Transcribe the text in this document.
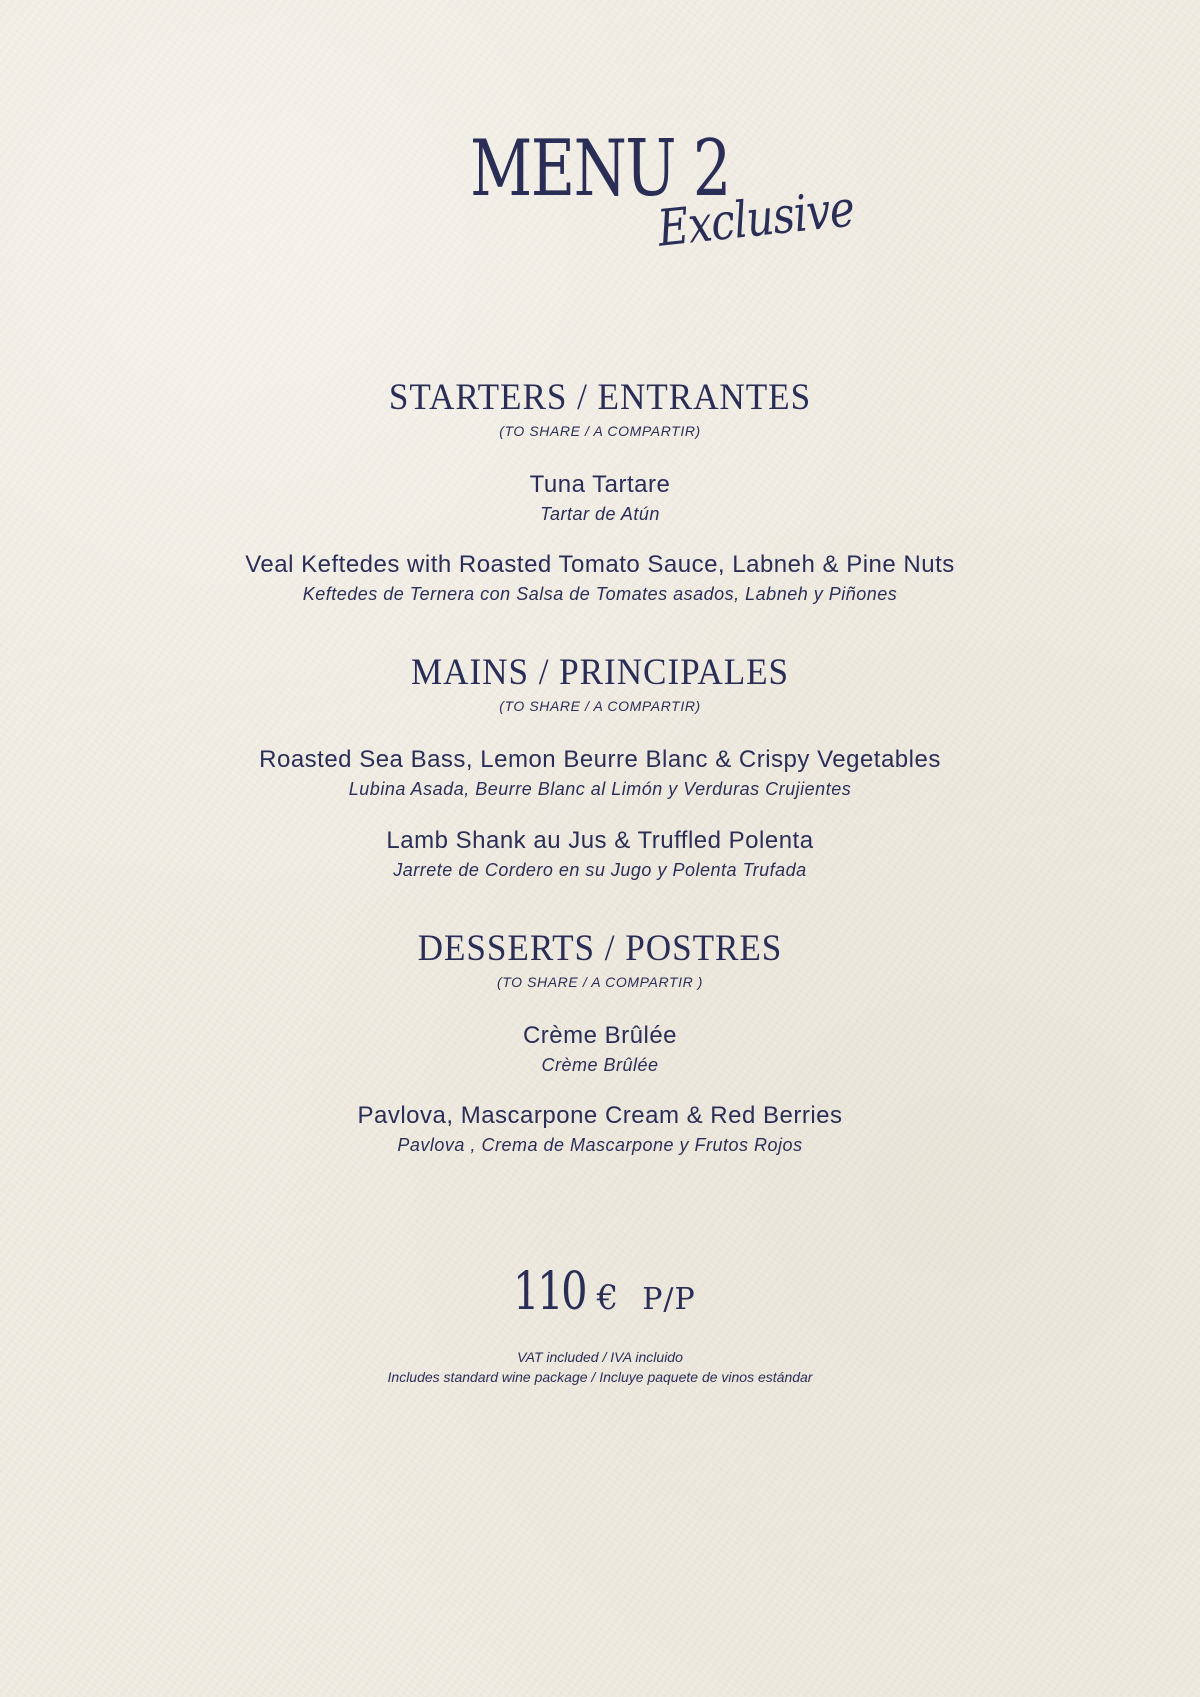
MENU 2
Exclusive
STARTERS / ENTRANTES
(TO SHARE / A COMPARTIR)
Tuna Tartare
Tartar de Atún
Veal Keftedes with Roasted Tomato Sauce, Labneh & Pine Nuts
Keftedes de Ternera con Salsa de Tomates asados, Labneh y Piñones
MAINS / PRINCIPALES
(TO SHARE / A COMPARTIR)
Roasted Sea Bass, Lemon Beurre Blanc & Crispy Vegetables
Lubina Asada, Beurre Blanc al Limón y Verduras Crujientes
Lamb Shank au Jus & Truffled Polenta
Jarrete de Cordero en su Jugo y Polenta Trufada
DESSERTS / POSTRES
(TO SHARE / A COMPARTIR )
Crème Brûlée
Crème Brûlée
Pavlova, Mascarpone Cream & Red Berries
Pavlova , Crema de Mascarpone y Frutos Rojos
110 € P/P
VAT included / IVA incluido
Includes standard wine package / Incluye paquete de vinos estándar
